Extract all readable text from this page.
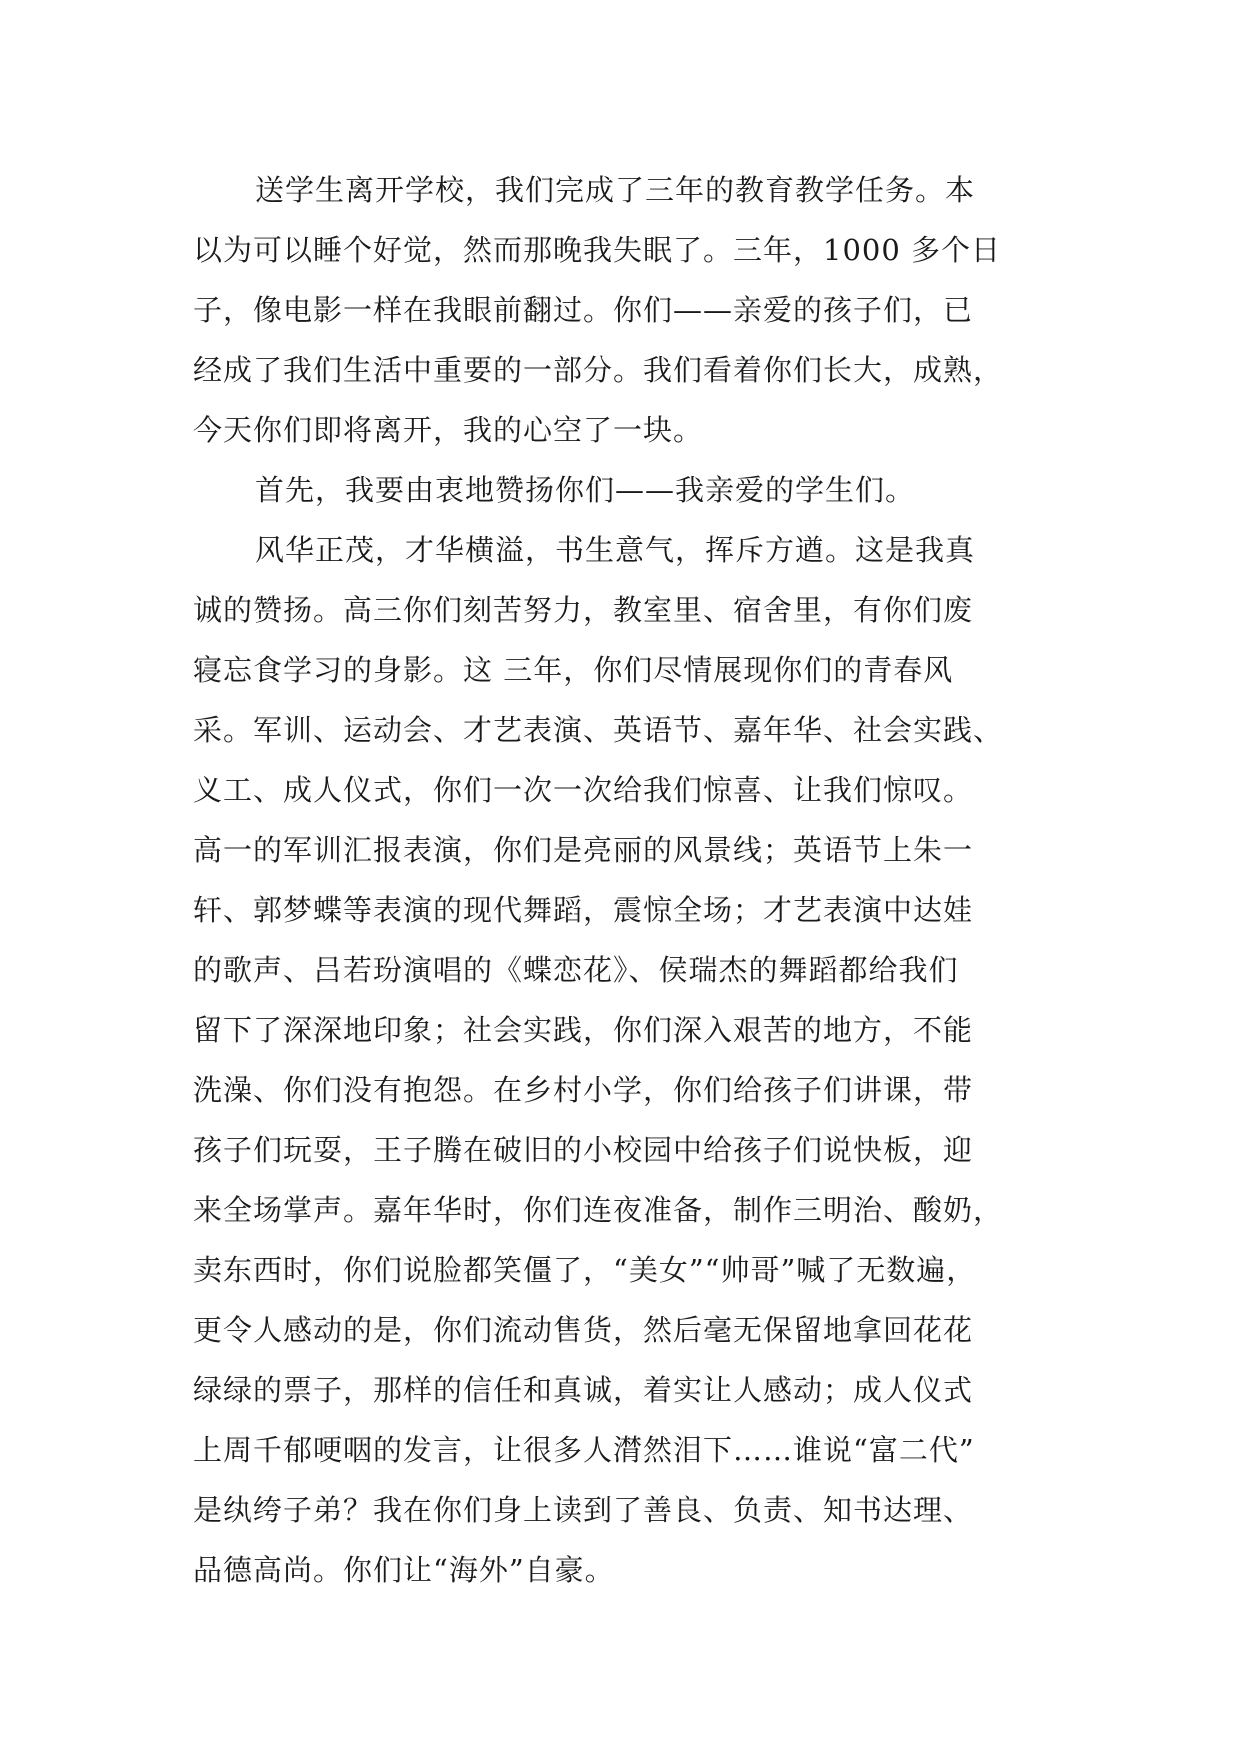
送学生离开学校，我们完成了三年的教育教学任务。本
以为可以睡个好觉，然而那晚我失眠了。三年，1000 多个日
子，像电影一样在我眼前翻过。你们——亲爱的孩子们，已
经成了我们生活中重要的一部分。我们看着你们长大，成熟，
今天你们即将离开，我的心空了一块。
首先，我要由衷地赞扬你们——我亲爱的学生们。
风华正茂，才华横溢，书生意气，挥斥方遒。这是我真
诚的赞扬。高三你们刻苦努力，教室里、宿舍里，有你们废
寝忘食学习的身影。这 三年，你们尽情展现你们的青春风
采。军训、运动会、才艺表演、英语节、嘉年华、社会实践、
义工、成人仪式，你们一次一次给我们惊喜、让我们惊叹。
高一的军训汇报表演，你们是亮丽的风景线；英语节上朱一
轩、郭梦蝶等表演的现代舞蹈，震惊全场；才艺表演中达娃
的歌声、吕若玢演唱的《蝶恋花》、侯瑞杰的舞蹈都给我们
留下了深深地印象；社会实践，你们深入艰苦的地方，不能
洗澡、你们没有抱怨。在乡村小学，你们给孩子们讲课，带
孩子们玩耍，王子腾在破旧的小校园中给孩子们说快板，迎
来全场掌声。嘉年华时，你们连夜准备，制作三明治、酸奶，
卖东西时，你们说脸都笑僵了，“美女”“帅哥”喊了无数遍，
更令人感动的是，你们流动售货，然后毫无保留地拿回花花
绿绿的票子，那样的信任和真诚，着实让人感动；成人仪式
上周千郁哽咽的发言，让很多人潸然泪下……谁说“富二代”
是纨绔子弟？我在你们身上读到了善良、负责、知书达理、
品德高尚。你们让“海外”自豪。
